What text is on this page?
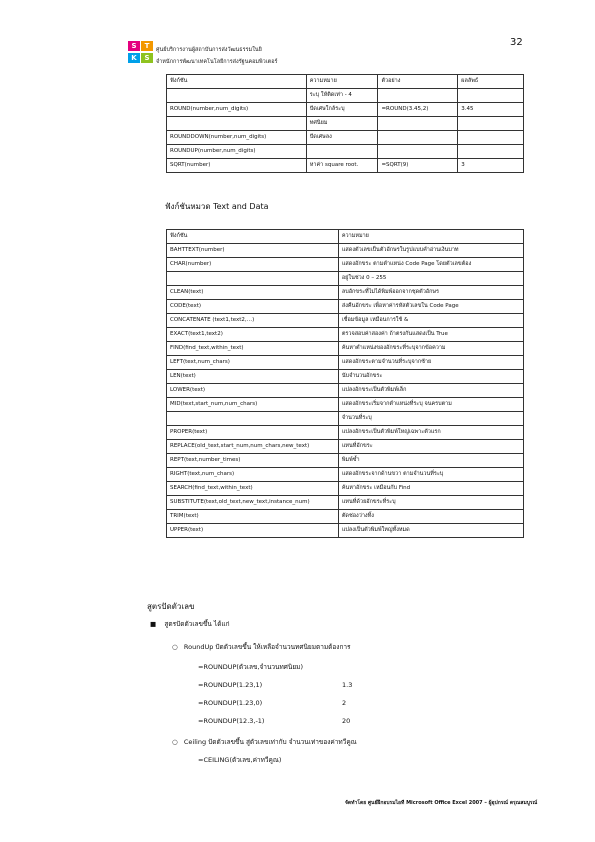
32
S	T
K	S
ศูนย์บริการงานผู้สถาบันการส่งวัฒนธรรมในยิ
จำหนักการพัฒนาเทคโนโลยีการส่งรัฐนคอมพิวเตอร์
ฟังก์ชัน	ความหมาย	ตัวอย่าง	ผลลัพธ์
	ระบุ ให้ติดเท่า - 4		
ROUND(number,num_digits)	ปัดเศษใกล้ระบุ	=ROUND(3.45,2)	3.45
	ทศนิยม		
ROUNDDOWN(number,num_digits)	ปัดเศษลง		
ROUNDUP(number,num_digits)			
SQRT(number)	หาค่า square root.	=SQRT(9)	3
ฟังก์ชันหมวด Text and Data
ฟังก์ชัน	ความหมาย
BAHTTEXT(number)	แสดงตัวเลขเป็นตัวอักษรในรูปแบบคำอ่านเงินบาท
CHAR(number)	แสดงอักขระ ตามตำแหน่ง Code Page โดยตัวเลขต้อง
	อยู่ในช่วง 0 – 255
CLEAN(text)	ลบอักขระที่ไม่ได้พิมพ์ออกจากชุดตัวอักษร
CODE(text)	ส่งคืนอักขระ เพื่อหาค่ารหัสตัวเลขใน Code Page
CONCATENATE (text1,text2,…)	เชื่อมข้อมูล เหมือนการใช้ &
EXACT(text1,text2)	ตรวจสอบค่าสองค่า ถ้าตรงกันแสดงเป็น True
FIND(find_text,within_text)	ค้นหาตำแหน่งของอักขระที่ระบุจากข้อความ
LEFT(text,num_chars)	แสดงอักขระตามจำนวนที่ระบุจากซ้าย
LEN(text)	นับจำนวนอักขระ
LOWER(text)	แปลงอักขระเป็นตัวพิมพ์เล็ก
MID(text,start_num,num_chars)	แสดงอักขระเริ่มจากตำแหน่งที่ระบุ จนครบตาม
	จำนวนที่ระบุ
PROPER(text)	แปลงอักขระเป็นตัวพิมพ์ใหญ่เฉพาะตัวแรก
REPLACE(old_text,start_num,num_chars,new_text)	แทนที่อักขระ
REPT(text,number_times)	พิมพ์ซ้ำ
RIGHT(text,num_chars)	แสดงอักขระจากด้านขวา ตามจำนวนที่ระบุ
SEARCH(find_text,within_text)	ค้นหาอักขระ เหมือนกับ Find
SUBSTITUTE(text,old_text,new_text,instance_num)	แทนที่ด้วยอักขระที่ระบุ
TRIM(text)	ตัดช่องว่างทิ้ง
UPPER(text)	แปลงเป็นตัวพิมพ์ใหญ่ทั้งหมด
สูตรปัดตัวเลข
■ สูตรปัดตัวเลขขึ้น ได้แก่
○ RoundUp ปัดตัวเลขขึ้น ให้เหลือจำนวนทศนิยมตามต้องการ
=ROUNDUP(ตัวเลข,จำนวนทศนิยม)
=ROUNDUP(1.23,1)	1.3
=ROUNDUP(1.23,0)	2
=ROUNDUP(12.3,-1)	20
○ Ceiling ปัดตัวเลขขึ้น สู่ตัวเลขเท่ากับ จำนวนเท่าของค่าทวีคูณ
=CEILING(ตัวเลข,ค่าทวีคูณ)
จัดทำโดย ศูนย์ฝึกอบรมไอที Microsoft Office Excel 2007 – ผู้อุปกรณ์ ดรุณสมบูรณ์
